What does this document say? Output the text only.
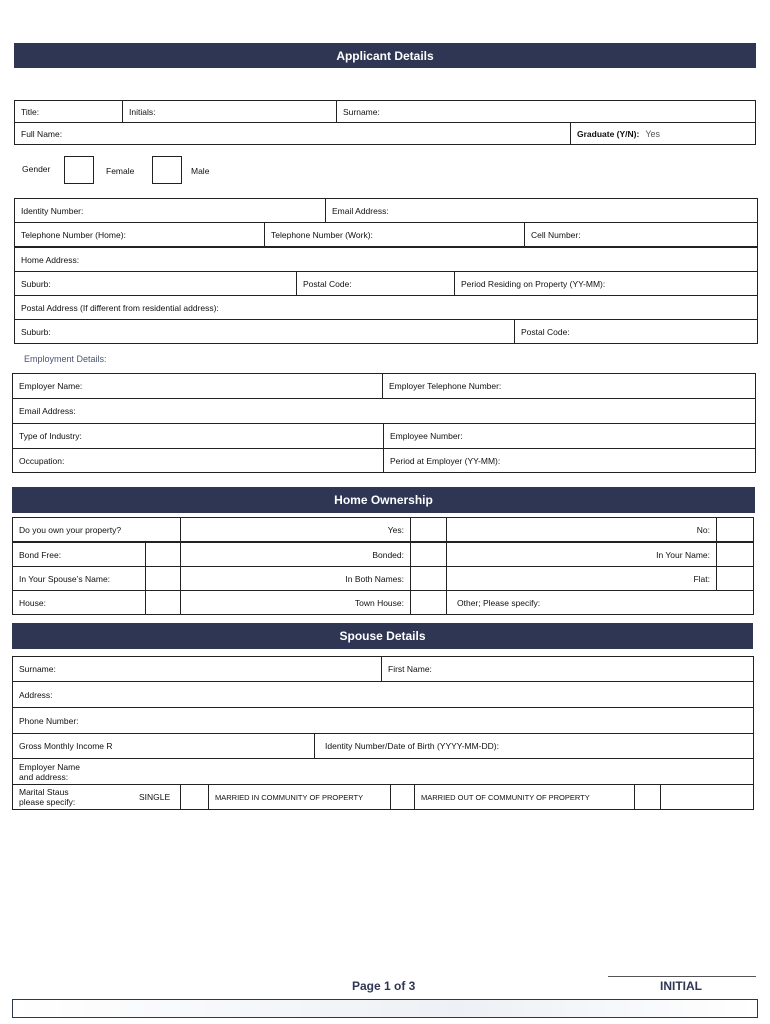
Applicant Details
Title:	Initials:	Surname:
Full Name:	Graduate (Y/N): Yes
Gender	Female	Male
Identity Number:	Email Address:
Telephone Number (Home):	Telephone Number (Work):	Cell Number:
Home Address:
Suburb:	Postal Code:	Period Residing on Property (YY-MM):
Postal Address (If different from residential address):
Suburb:	Postal Code:
Employment Details:
Employer Name:	Employer Telephone Number:
Email Address:
Type of Industry:	Employee Number:
Occupation:	Period at Employer (YY-MM):
Home Ownership
Do you own your property?	Yes:	No:
Bond Free:	Bonded:	In Your Name:
In Your Spouse’s Name:	In Both Names:	Flat:
House:	Town House:	Other; Please specify:
Spouse Details
Surname:	First Name:
Address:
Phone Number:
Gross Monthly Income R	Identity Number/Date of Birth (YYYY-MM-DD):
Employer Name
and address:
Marital Staus
please specify:	SINGLE	MARRIED IN COMMUNITY OF PROPERTY	MARRIED OUT OF COMMUNITY OF PROPERTY
Page 1 of 3	INITIAL
